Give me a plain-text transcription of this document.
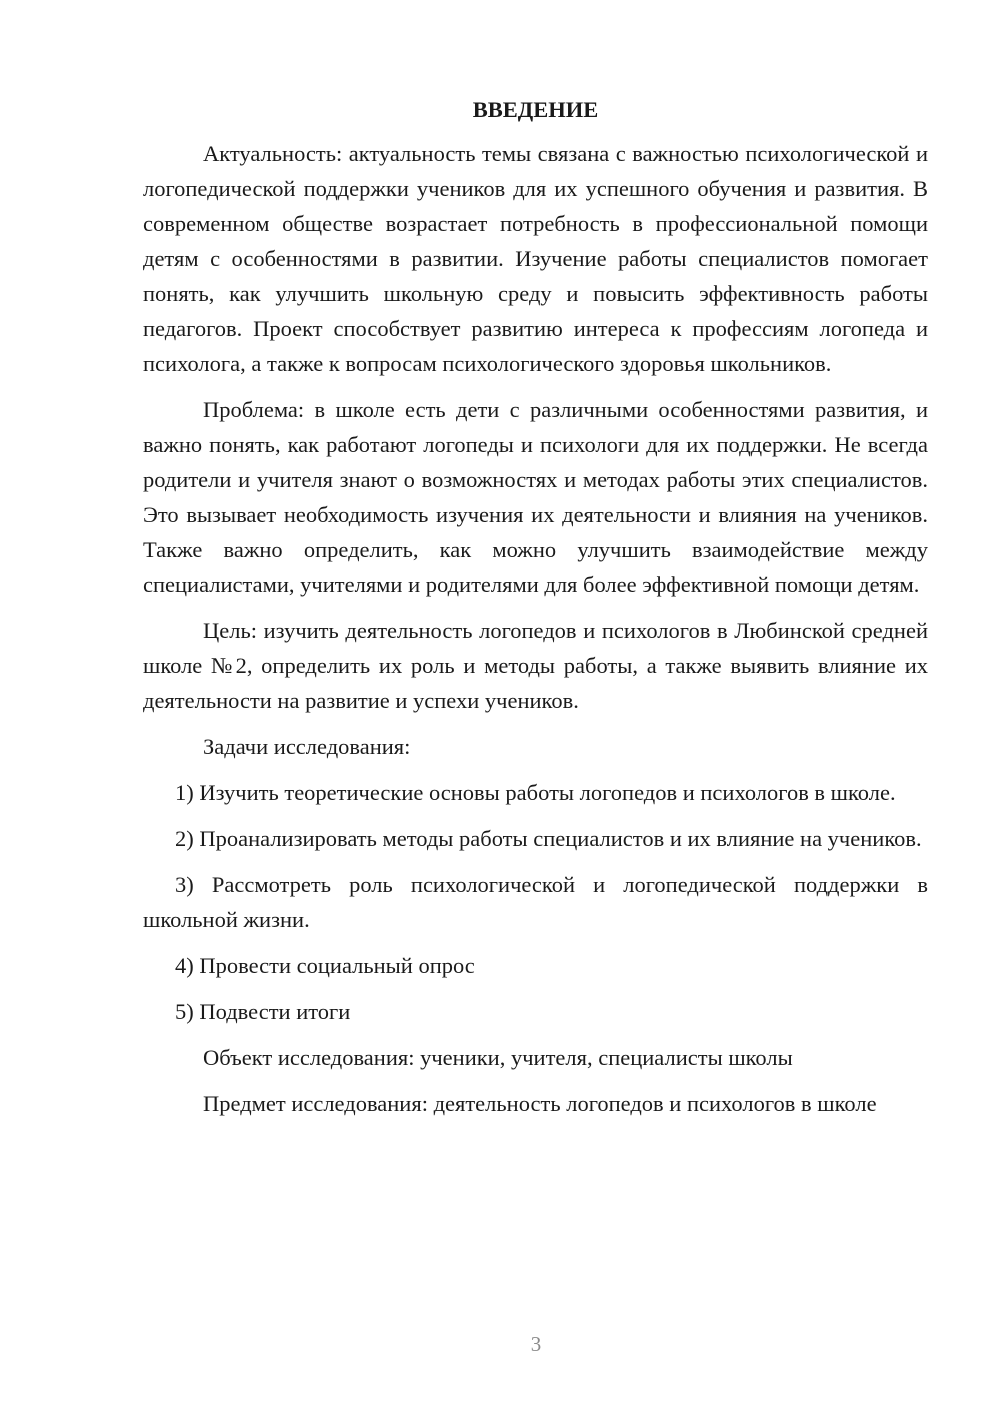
ВВЕДЕНИЕ

Актуальность: актуальность темы связана с важностью психологической и логопедической поддержки учеников для их успешного обучения и развития. В современном обществе возрастает потребность в профессиональной помощи детям с особенностями в развитии. Изучение работы специалистов помогает понять, как улучшить школьную среду и повысить эффективность работы педагогов. Проект способствует развитию интереса к профессиям логопеда и психолога, а также к вопросам психологического здоровья школьников.

Проблема: в школе есть дети с различными особенностями развития, и важно понять, как работают логопеды и психологи для их поддержки. Не всегда родители и учителя знают о возможностях и методах работы этих специалистов. Это вызывает необходимость изучения их деятельности и влияния на учеников. Также важно определить, как можно улучшить взаимодействие между специалистами, учителями и родителями для более эффективной помощи детям.

Цель: изучить деятельность логопедов и психологов в Любинской средней школе №2, определить их роль и методы работы, а также выявить влияние их деятельности на развитие и успехи учеников.

Задачи исследования:

1) Изучить теоретические основы работы логопедов и психологов в школе.

2) Проанализировать методы работы специалистов и их влияние на учеников.

3) Рассмотреть роль психологической и логопедической поддержки в школьной жизни.

4) Провести социальный опрос

5) Подвести итоги

Объект исследования: ученики, учителя, специалисты школы

Предмет исследования: деятельность логопедов и психологов в школе

3
